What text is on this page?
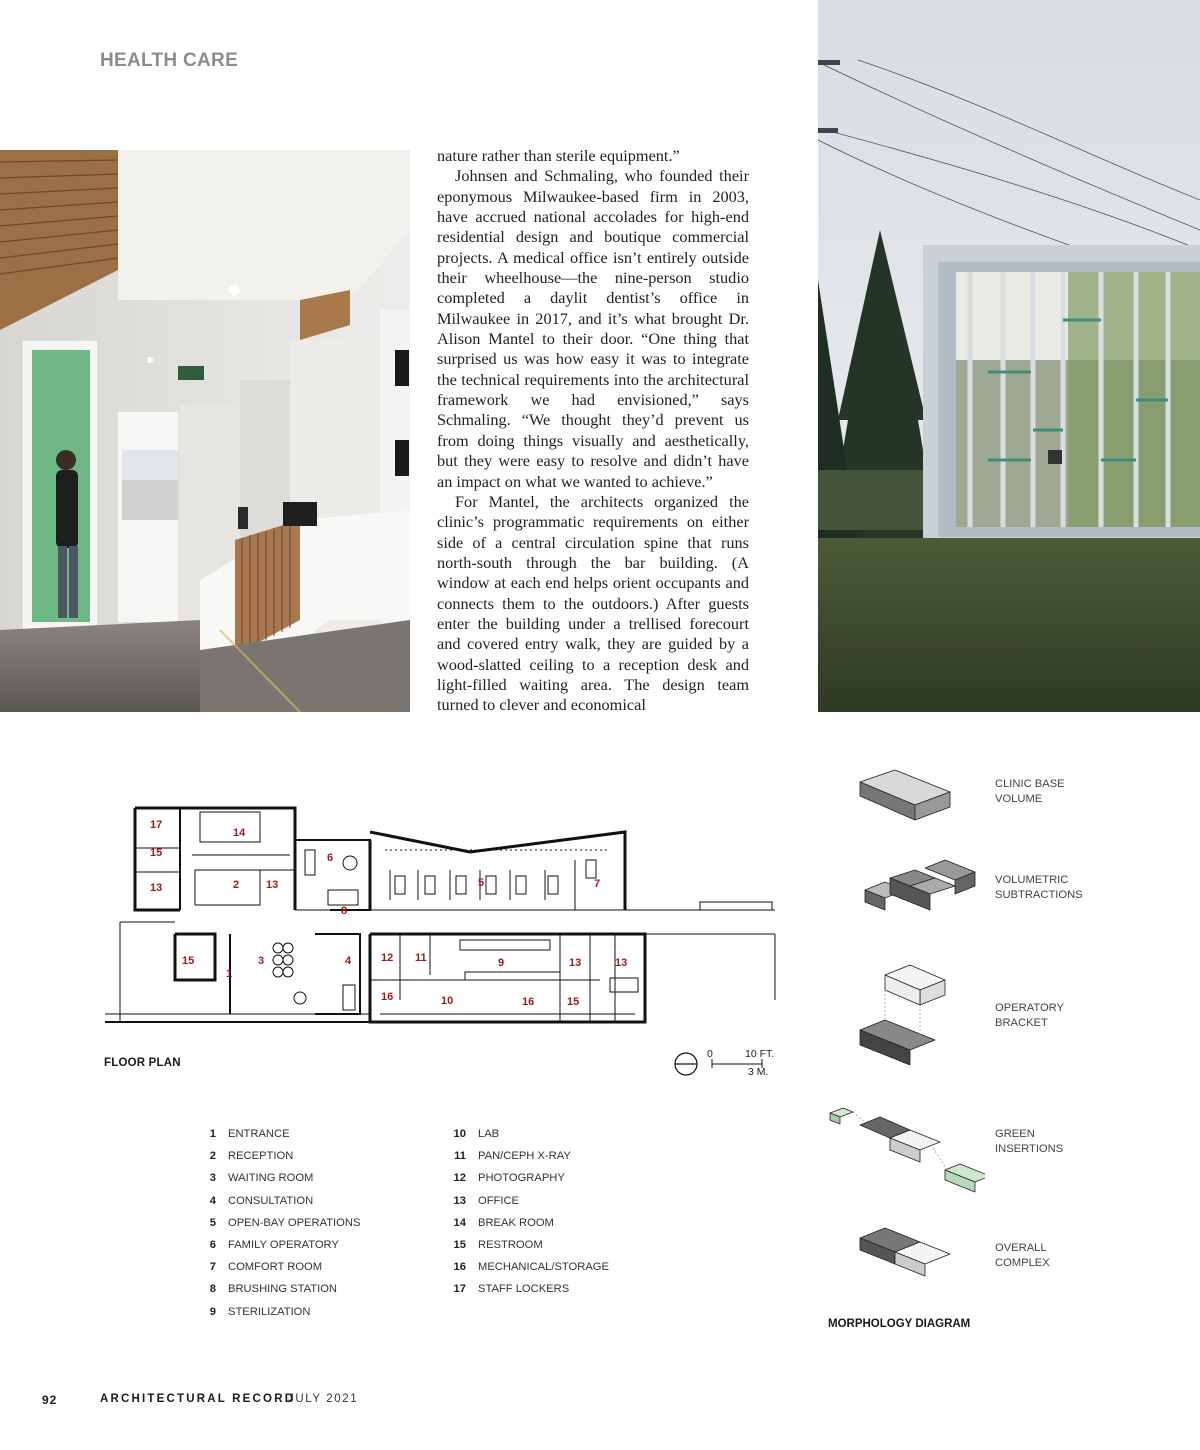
HEALTH CARE

nature rather than sterile equipment.”

Johnsen and Schmaling, who founded their eponymous Milwaukee-based firm in 2003, have accrued national accolades for high-end residential design and boutique commercial projects. A medical office isn’t entirely outside their wheelhouse—the nine-person studio completed a daylit dentist’s office in Milwaukee in 2017, and it’s what brought Dr. Alison Mantel to their door. “One thing that surprised us was how easy it was to integrate the technical requirements into the architectural framework we had envisioned,” says Schmaling. “We thought they’d prevent us from doing things visually and aesthetically, but they were easy to resolve and didn’t have an impact on what we wanted to achieve.”

For Mantel, the architects organized the clinic’s programmatic requirements on either side of a central circulation spine that runs north-south through the bar building. (A window at each end helps orient occupants and connects them to the outdoors.) After guests enter the building under a trellised forecourt and covered entry walk, they are guided by a wood-slatted ceiling to a reception desk and light-filled waiting area. The design team turned to clever and economical

17
14
15	6
13	2 13	5	7
8
15
1
3	4	12 11	9	13	13
16	10	16	15
FLOOR PLAN
0	10 FT.
3 M.
1 ENTRANCE
2 RECEPTION
3 WAITING ROOM
4 CONSULTATION
5 OPEN-BAY OPERATIONS
6 FAMILY OPERATORY
7 COMFORT ROOM
8 BRUSHING STATION
9 STERILIZATION
10 LAB
11 PAN/CEPH X-RAY
12 PHOTOGRAPHY
13 OFFICE
14 BREAK ROOM
15 RESTROOM
16 MECHANICAL/STORAGE
17 STAFF LOCKERS
CLINIC BASE
VOLUME
VOLUMETRIC
SUBTRACTIONS
OPERATORY
BRACKET
GREEN
INSERTIONS
OVERALL
COMPLEX
MORPHOLOGY DIAGRAM
92	ARCHITECTURAL RECORD
JULY 2021
